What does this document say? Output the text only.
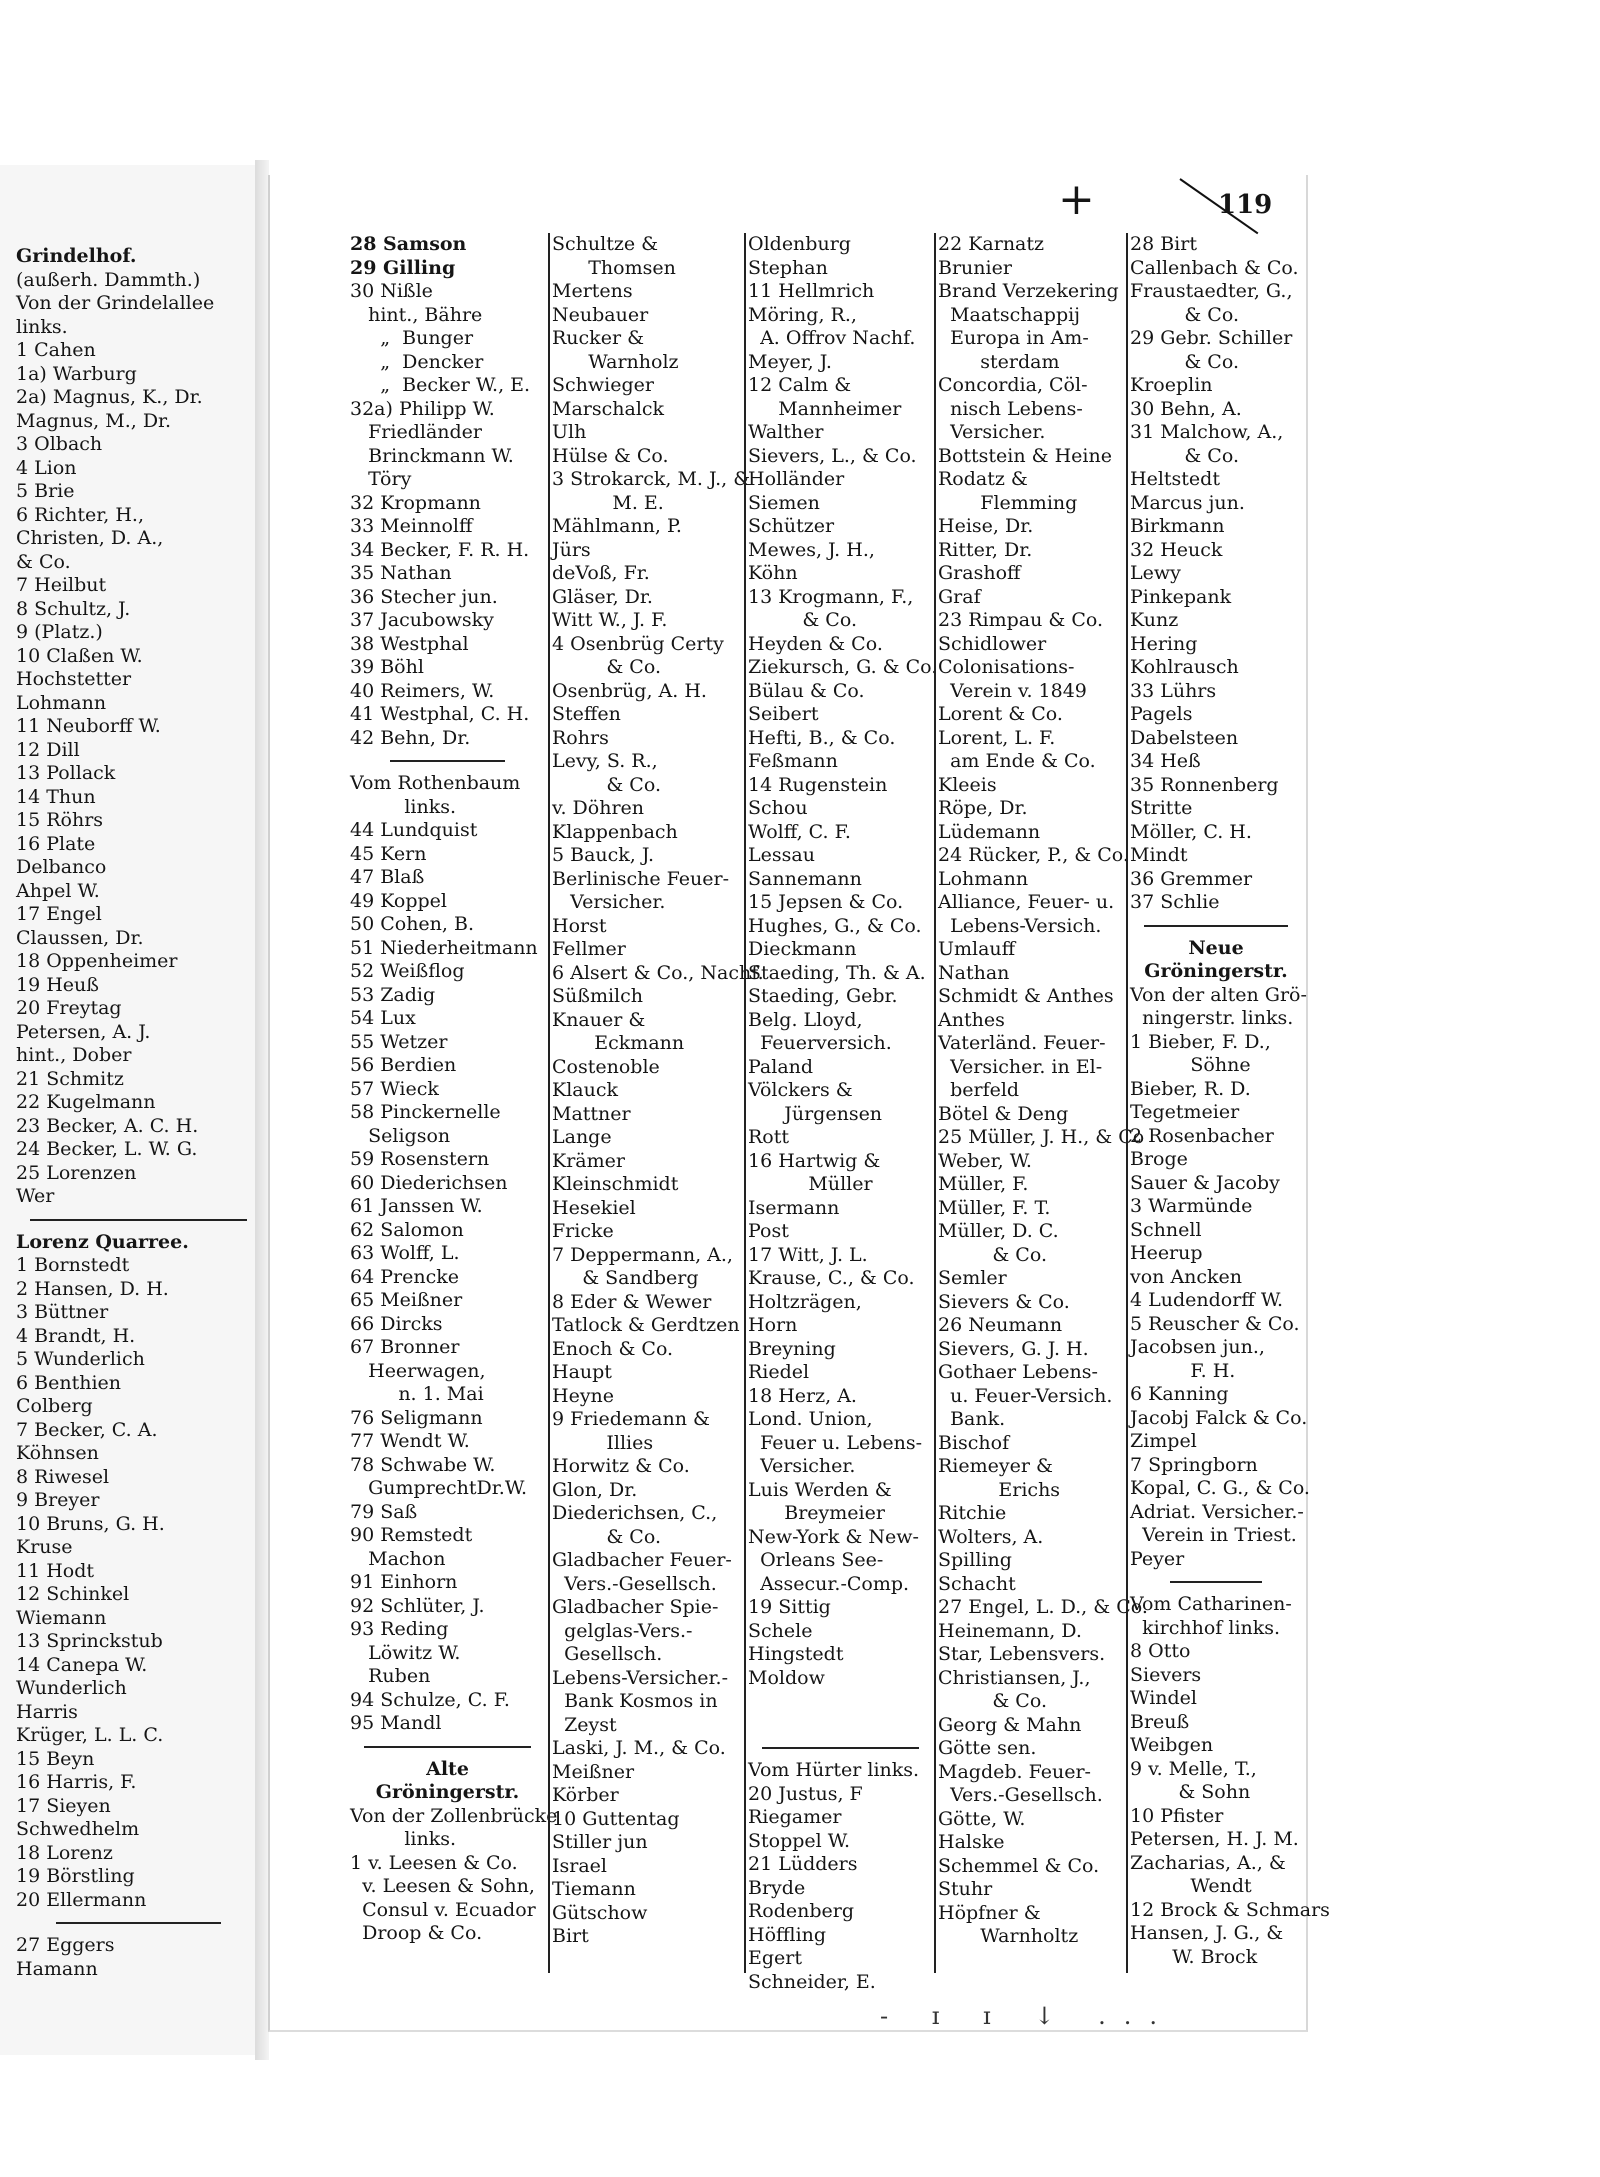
Grindelhof.
(außerh. Dammth.)
Von der Grindelallee
links.
1 Cahen
1a) Warburg
2a) Magnus, K., Dr.
Magnus, M., Dr.
3 Olbach
4 Lion
5 Brie
6 Richter, H.,
Christen, D. A.,
& Co.
7 Heilbut
8 Schultz, J.
9 (Platz.)
10 Claßen W.
Hochstetter
Lohmann
11 Neuborff W.
12 Dill
13 Pollack
14 Thun
15 Röhrs
16 Plate
Delbanco
Ahpel W.
17 Engel
Claussen, Dr.
18 Oppenheimer
19 Heuß
20 Freytag
Petersen, A. J.
hint., Dober
21 Schmitz
22 Kugelmann
23 Becker, A. C. H.
24 Becker, L. W. G.
25 Lorenzen
Wer
Lorenz Quarree.
1 Bornstedt
2 Hansen, D. H.
3 Büttner
4 Brandt, H.
5 Wunderlich
6 Benthien
Colberg
7 Becker, C. A.
Köhnsen
8 Riwesel
9 Breyer
10 Bruns, G. H.
Kruse
11 Hodt
12 Schinkel
Wiemann
13 Sprinckstub
14 Canepa W.
Wunderlich
Harris
Krüger, L. L. C.
15 Beyn
16 Harris, F.
17 Sieyen
Schwedhelm
18 Lorenz
19 Börstling
20 Ellermann
27 Eggers
Hamann
28 Samson
29 Gilling
30 Nißle
hint., Bähre
„  Bunger
„  Dencker
„  Becker W., E.
32a) Philipp W.
Friedländer
Brinckmann W.
Töry
32 Kropmann
33 Meinnolff
34 Becker, F. R. H.
35 Nathan
36 Stecher jun.
37 Jacubowsky
38 Westphal
39 Böhl
40 Reimers, W.
41 Westphal, C. H.
42 Behn, Dr.
Vom Rothenbaum
links.
44 Lundquist
45 Kern
47 Blaß
49 Koppel
50 Cohen, B.
51 Niederheitmann
52 Weißflog
53 Zadig
54 Lux
55 Wetzer
56 Berdien
57 Wieck
58 Pinckernelle
Seligson
59 Rosenstern
60 Diederichsen
61 Janssen W.
62 Salomon
63 Wolff, L.
64 Prencke
65 Meißner
66 Dircks
67 Bronner
Heerwagen,
n. 1. Mai
76 Seligmann
77 Wendt W.
78 Schwabe W.
GumprechtDr.W.
79 Saß
90 Remstedt
Machon
91 Einhorn
92 Schlüter, J.
93 Reding
Löwitz W.
Ruben
94 Schulze, C. F.
95 Mandl
Alte
Gröningerstr.
Von der Zollenbrücke
links.
1 v. Leesen & Co.
v. Leesen & Sohn,
Consul v. Ecuador
Droop & Co.
Schultze &
Thomsen
Mertens
Neubauer
Rucker &
Warnholz
Schwieger
Marschalck
Ulh
Hülse & Co.
3 Strokarck, M. J., &
M. E.
Mählmann, P.
Jürs
deVoß, Fr.
Gläser, Dr.
Witt W., J. F.
4 Osenbrüg Certy
& Co.
Osenbrüg, A. H.
Steffen
Rohrs
Levy, S. R.,
& Co.
v. Döhren
Klappenbach
5 Bauck, J.
Berlinische Feuer-
Versicher.
Horst
Fellmer
6 Alsert & Co., Nachf.
Süßmilch
Knauer &
Eckmann
Costenoble
Klauck
Mattner
Lange
Krämer
Kleinschmidt
Hesekiel
Fricke
7 Deppermann, A.,
& Sandberg
8 Eder & Wewer
Tatlock & Gerdtzen
Enoch & Co.
Haupt
Heyne
9 Friedemann &
Illies
Horwitz & Co.
Glon, Dr.
Diederichsen, C.,
& Co.
Gladbacher Feuer-
Vers.-Gesellsch.
Gladbacher Spie-
gelglas-Vers.-
Gesellsch.
Lebens-Versicher.-
Bank Kosmos in
Zeyst
Laski, J. M., & Co.
Meißner
Körber
10 Guttentag
Stiller jun
Israel
Tiemann
Gütschow
Birt
Oldenburg
Stephan
11 Hellmrich
Möring, R.,
A. Offrov Nachf.
Meyer, J.
12 Calm &
Mannheimer
Walther
Sievers, L., & Co.
Holländer
Siemen
Schützer
Mewes, J. H.,
Köhn
13 Krogmann, F.,
& Co.
Heyden & Co.
Ziekursch, G. & Co.
Bülau & Co.
Seibert
Hefti, B., & Co.
Feßmann
14 Rugenstein
Schou
Wolff, C. F.
Lessau
Sannemann
15 Jepsen & Co.
Hughes, G., & Co.
Dieckmann
Staeding, Th. & A.
Staeding, Gebr.
Belg. Lloyd,
Feuerversich.
Paland
Völckers &
Jürgensen
Rott
16 Hartwig &
Müller
Isermann
Post
17 Witt, J. L.
Krause, C., & Co.
Holtzrägen,
Horn
Breyning
Riedel
18 Herz, A.
Lond. Union,
Feuer u. Lebens-
Versicher.
Luis Werden &
Breymeier
New-York & New-
Orleans See-
Assecur.-Comp.
19 Sittig
Schele
Hingstedt
Moldow
Vom Hürter links.
20 Justus, F
Riegamer
Stoppel W.
21 Lüdders
Bryde
Rodenberg
Höffling
Egert
Schneider, E.
22 Karnatz
Brunier
Brand Verzekering
Maatschappij
Europa in Am-
sterdam
Concordia, Cöl-
nisch Lebens-
Versicher.
Bottstein & Heine
Rodatz &
Flemming
Heise, Dr.
Ritter, Dr.
Grashoff
Graf
23 Rimpau & Co.
Schidlower
Colonisations-
Verein v. 1849
Lorent & Co.
Lorent, L. F.
am Ende & Co.
Kleeis
Röpe, Dr.
Lüdemann
24 Rücker, P., & Co.
Lohmann
Alliance, Feuer- u.
Lebens-Versich.
Umlauff
Nathan
Schmidt & Anthes
Anthes
Vaterländ. Feuer-
Versicher. in El-
berfeld
Bötel & Deng
25 Müller, J. H., & Co
Weber, W.
Müller, F.
Müller, F. T.
Müller, D. C.
& Co.
Semler
Sievers & Co.
26 Neumann
Sievers, G. J. H.
Gothaer Lebens-
u. Feuer-Versich.
Bank.
Bischof
Riemeyer &
Erichs
Ritchie
Wolters, A.
Spilling
Schacht
27 Engel, L. D., & Co.
Heinemann, D.
Star, Lebensvers.
Christiansen, J.,
& Co.
Georg & Mahn
Götte sen.
Magdeb. Feuer-
Vers.-Gesellsch.
Götte, W.
Halske
Schemmel & Co.
Stuhr
Höpfner &
Warnholtz
28 Birt
Callenbach & Co.
Fraustaedter, G.,
& Co.
29 Gebr. Schiller
& Co.
Kroeplin
30 Behn, A.
31 Malchow, A.,
& Co.
Heltstedt
Marcus jun.
Birkmann
32 Heuck
Lewy
Pinkepank
Kunz
Hering
Kohlrausch
33 Lührs
Pagels
Dabelsteen
34 Heß
35 Ronnenberg
Stritte
Möller, C. H.
Mindt
36 Gremmer
37 Schlie
Neue
Gröningerstr.
Von der alten Grö-
ningerstr. links.
1 Bieber, F. D.,
Söhne
Bieber, R. D.
Tegetmeier
2 Rosenbacher
Broge
Sauer & Jacoby
3 Warmünde
Schnell
Heerup
von Ancken
4 Ludendorff W.
5 Reuscher & Co.
Jacobsen jun.,
F. H.
6 Kanning
Jacobj Falck & Co.
Zimpel
7 Springborn
Kopal, C. G., & Co.
Adriat. Versicher.-
Verein in Triest.
Peyer
Vom Catharinen-
kirchhof links.
8 Otto
Sievers
Windel
Breuß
Weibgen
9 v. Melle, T.,
& Sohn
10 Pfister
Petersen, H. J. M.
Zacharias, A., &
Wendt
12 Brock & Schmars
Hansen, J. G., &
W. Brock
+	119
- ɪ ɪ ↓ ...
